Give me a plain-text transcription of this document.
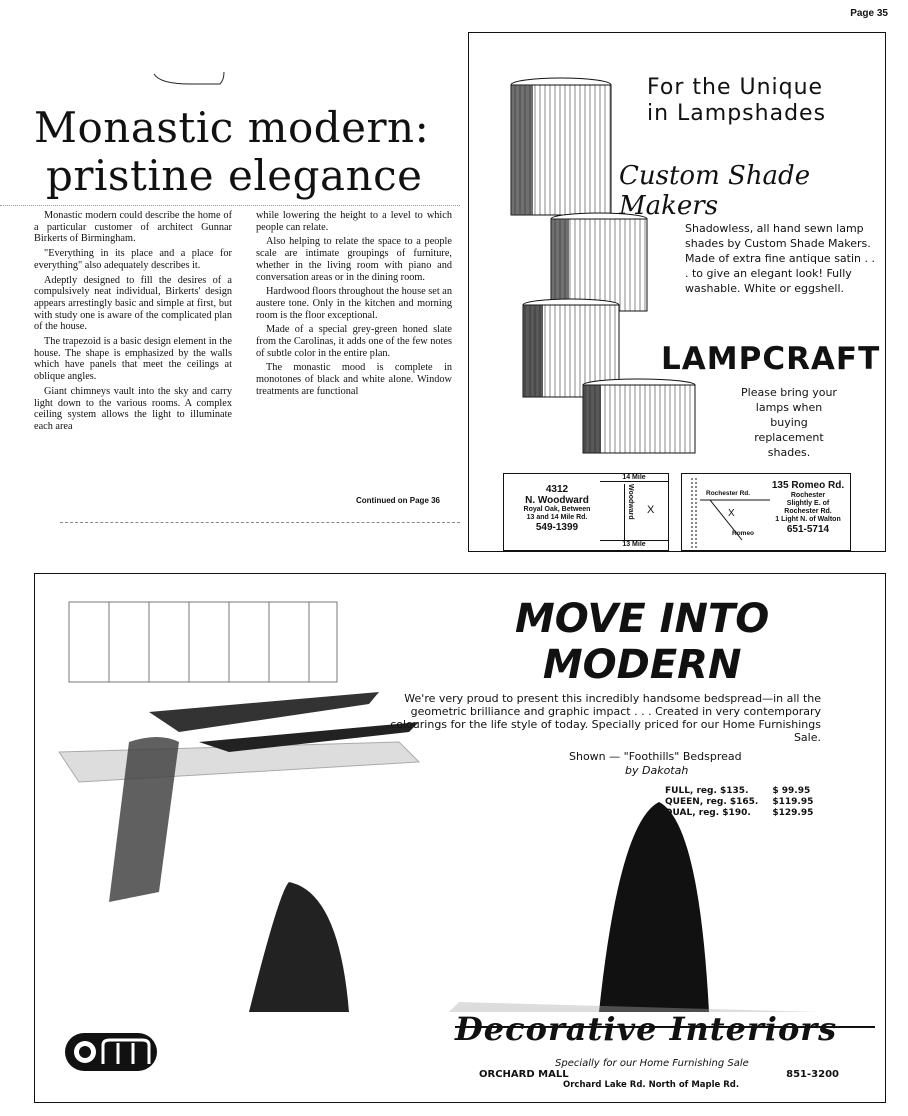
Page 35
Monastic modern:
pristine elegance

Monastic modern could describe the home of a particular customer of architect Gunnar Birkerts of Birmingham.

"Everything in its place and a place for everything" also adequately describes it.

Adeptly designed to fill the desires of a compulsively neat individual, Birkerts' design appears arrestingly basic and simple at first, but with study one is aware of the complicated plan of the house.

The trapezoid is a basic design element in the house. The shape is emphasized by the walls which have panels that meet the ceilings at oblique angles.

Giant chimneys vault into the sky and carry light down to the various rooms. A complex ceiling system allows the light to illuminate each area

while lowering the height to a level to which people can relate.

Also helping to relate the space to a people scale are intimate groupings of furniture, whether in the living room with piano and conversation areas or in the dining room.

Hardwood floors throughout the house set an austere tone. Only in the kitchen and morning room is the floor exceptional.

Made of a special grey-green honed slate from the Carolinas, it adds one of the few notes of subtle color in the entire plan.

The monastic mood is complete in monotones of black and white alone. Window treatments are functional

Continued on Page 36
For the Unique
in Lampshades
Custom Shade Makers
Shadowless, all hand sewn lamp shades by Custom Shade Makers. Made of extra fine antique satin . . . to give an elegant look! Fully washable. White or eggshell.
LAMPCRAFT
Please bring your lamps when buying replacement shades.
4312
N. Woodward
Royal Oak, Between
13 and 14 Mile Rd.
549-1399
14 Mile
13 Mile
Woodward X
Rochester Rd.
Romeo
X
135 Romeo Rd.
Rochester
Slightly E. of
Rochester Rd.
1 Light N. of Walton
651-5714
MOVE INTO
MODERN
We're very proud to present this incredibly handsome bedspread—in all the geometric brilliance and graphic impact . . . Created in very contemporary colourings for the life style of today. Specially priced for our Home Furnishings Sale.
Shown — "Foothills" Bedspread
by Dakotah
FULL, reg. $135.	$ 99.95
QUEEN, reg. $165.	$119.95
DUAL, reg. $190.	$129.95
Decorative Interiors
Specially for our Home Furnishing Sale
ORCHARD MALL	851-3200
Orchard Lake Rd. North of Maple Rd.
